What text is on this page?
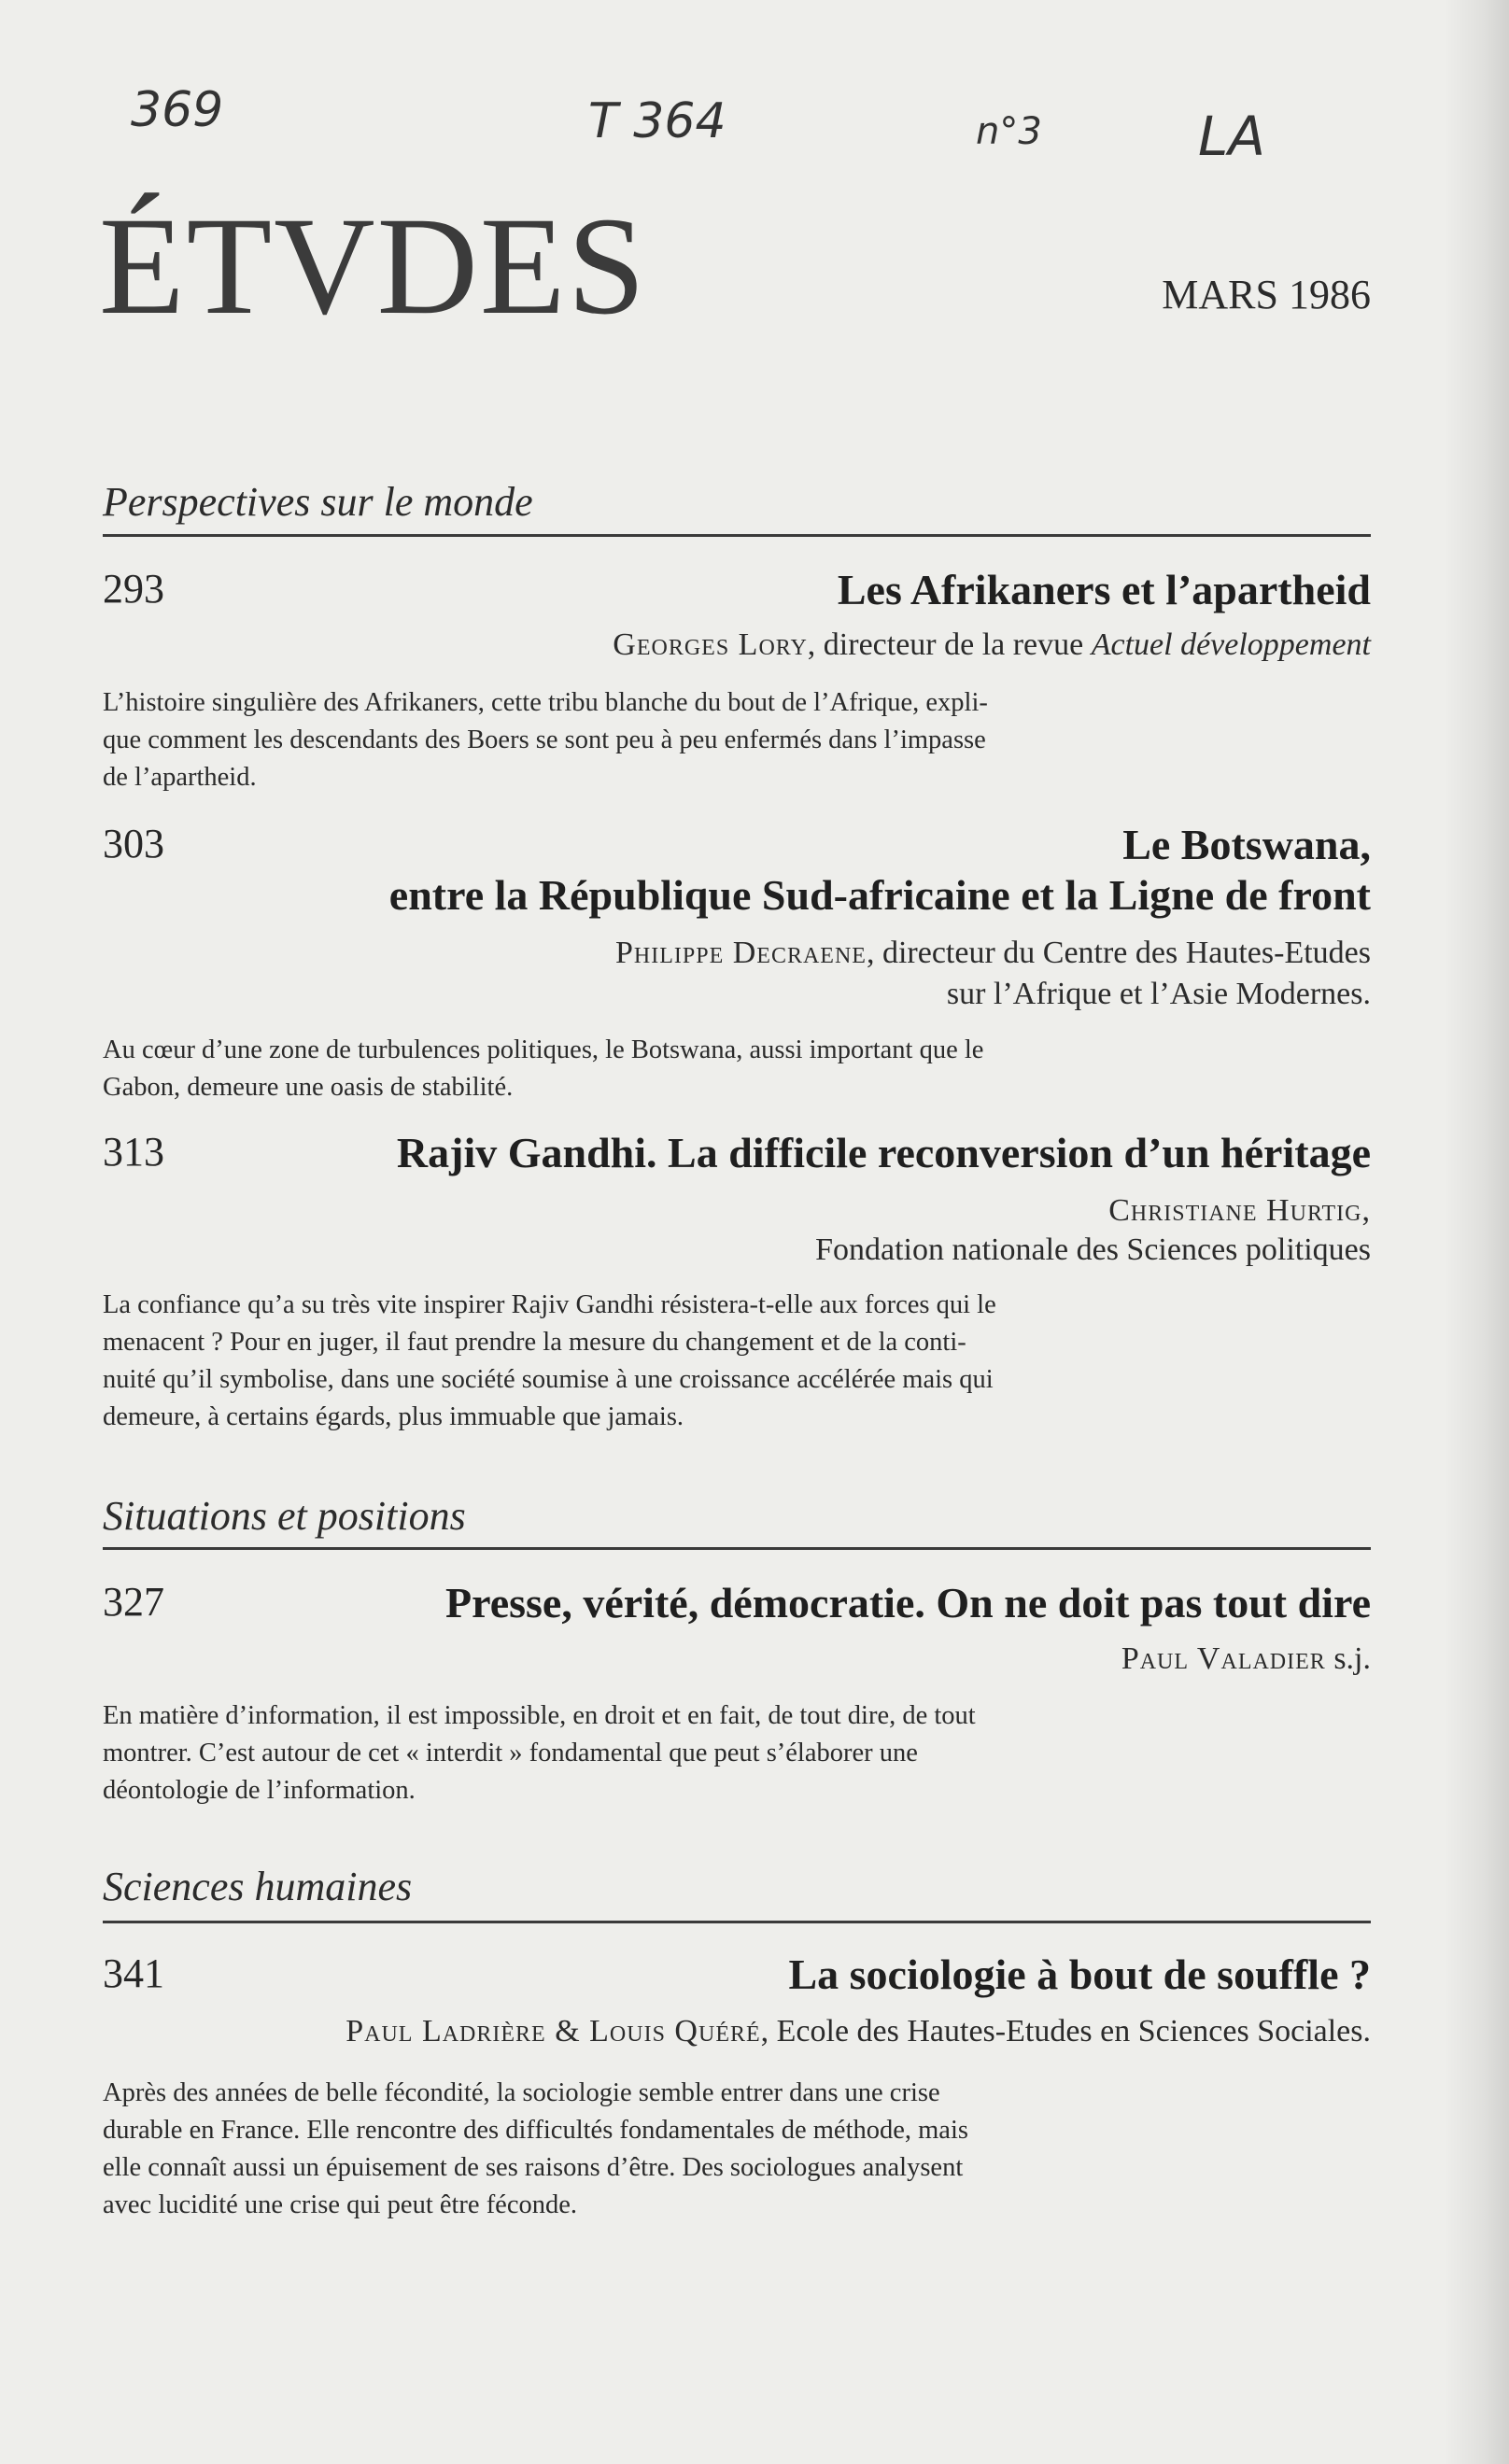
369	T 364	n°3	LA
ÉTVDES	MARS 1986
Perspectives sur le monde
293	Les Afrikaners et l’apartheid
Georges Lory, directeur de la revue Actuel développement
L’histoire singulière des Afrikaners, cette tribu blanche du bout de l’Afrique, expli-
que comment les descendants des Boers se sont peu à peu enfermés dans l’impasse
de l’apartheid.
303	Le Botswana,
entre la République Sud-africaine et la Ligne de front
Philippe Decraene, directeur du Centre des Hautes-Etudes
sur l’Afrique et l’Asie Modernes.
Au cœur d’une zone de turbulences politiques, le Botswana, aussi important que le
Gabon, demeure une oasis de stabilité.
313	Rajiv Gandhi. La difficile reconversion d’un héritage
Christiane Hurtig,
Fondation nationale des Sciences politiques
La confiance qu’a su très vite inspirer Rajiv Gandhi résistera-t-elle aux forces qui le
menacent ? Pour en juger, il faut prendre la mesure du changement et de la conti-
nuité qu’il symbolise, dans une société soumise à une croissance accélérée mais qui
demeure, à certains égards, plus immuable que jamais.
Situations et positions
327	Presse, vérité, démocratie. On ne doit pas tout dire
Paul Valadier s.j.
En matière d’information, il est impossible, en droit et en fait, de tout dire, de tout
montrer. C’est autour de cet « interdit » fondamental que peut s’élaborer une
déontologie de l’information.
Sciences humaines
341	La sociologie à bout de souffle ?
Paul Ladrière & Louis Quéré, Ecole des Hautes-Etudes en Sciences Sociales.
Après des années de belle fécondité, la sociologie semble entrer dans une crise
durable en France. Elle rencontre des difficultés fondamentales de méthode, mais
elle connaît aussi un épuisement de ses raisons d’être. Des sociologues analysent
avec lucidité une crise qui peut être féconde.
